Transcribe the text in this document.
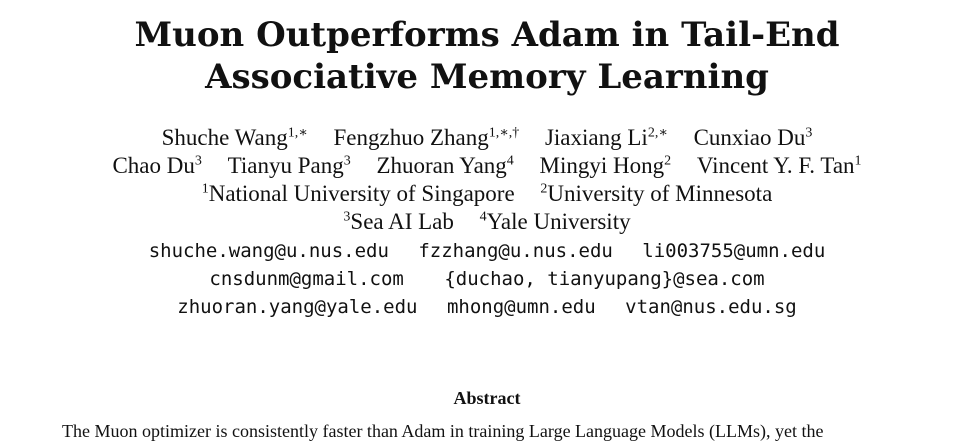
Muon Outperforms Adam in Tail-End
Associative Memory Learning
Shuche Wang$^{1,∗}$ Fengzhuo Zhang$^{1,∗,\dagger}$ Jiaxiang $Li^{2,∗}$ Cunxiao Du$^3$
Chao Du$^3$ Tianyu Pang$^3$ Zhuoran Yang$^4$ Mingyi Hong$^2$ Vincent Y. F. Tan$^1$
$^1$National University of Singapore $^2$University of Minnesota
$^3$Sea AI Lab $^4$Yale University
shuche.wang@u.nus.edu fzzhang@u.nus.edu li003755@umn.edu
cnsdunm@gmail.com {duchao, tianyupang}@sea.com
zhuoran.yang@yale.edu mhong@umn.edu vtan@nus.edu.sg
Abstract
The Muon optimizer is consistently faster than Adam in training Large Language Models (LLMs), yet the
